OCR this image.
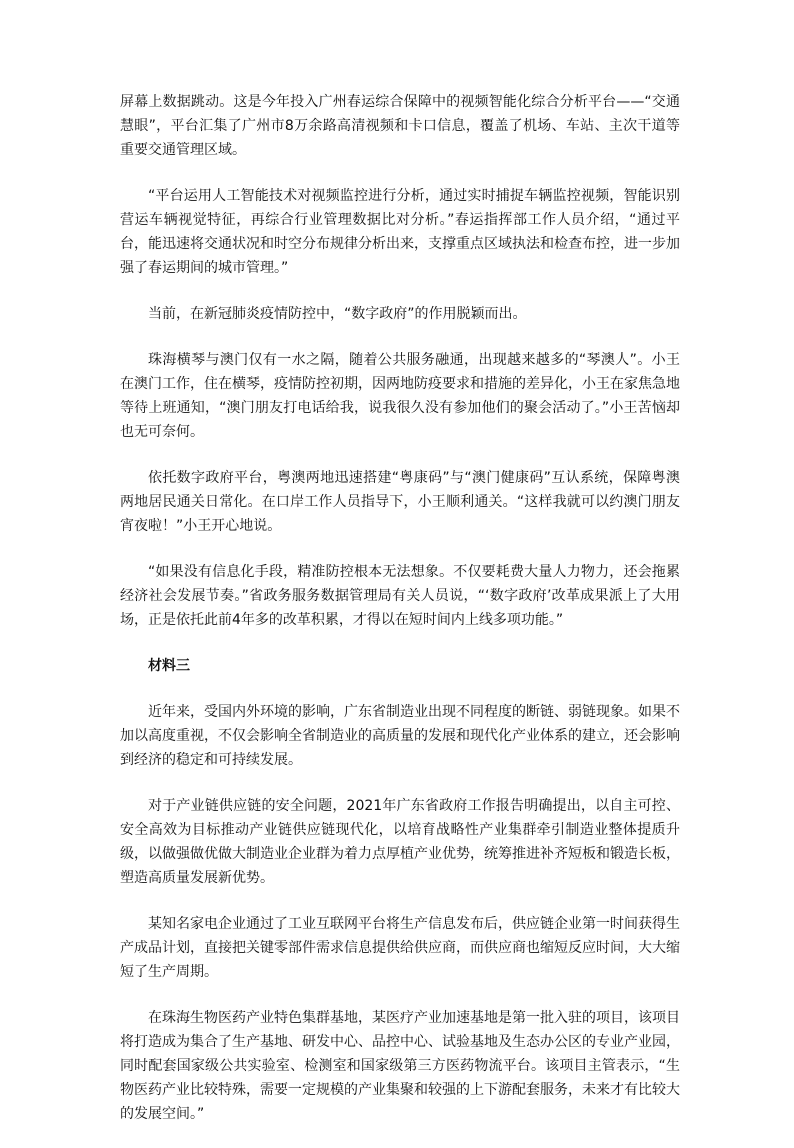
屏幕上数据跳动。这是今年投入广州春运综合保障中的视频智能化综合分析平台——“交通慧眼”，平台汇集了广州市8万余路高清视频和卡口信息，覆盖了机场、车站、主次干道等重要交通管理区域。

“平台运用人工智能技术对视频监控进行分析，通过实时捕捉车辆监控视频，智能识别营运车辆视觉特征，再综合行业管理数据比对分析。”春运指挥部工作人员介绍，“通过平台，能迅速将交通状况和时空分布规律分析出来，支撑重点区域执法和检查布控，进一步加强了春运期间的城市管理。”

当前，在新冠肺炎疫情防控中，“数字政府”的作用脱颖而出。

珠海横琴与澳门仅有一水之隔，随着公共服务融通，出现越来越多的“琴澳人”。小王在澳门工作，住在横琴，疫情防控初期，因两地防疫要求和措施的差异化，小王在家焦急地等待上班通知，“澳门朋友打电话给我，说我很久没有参加他们的聚会活动了。”小王苦恼却也无可奈何。

依托数字政府平台，粤澳两地迅速搭建“粤康码”与“澳门健康码”互认系统，保障粤澳两地居民通关日常化。在口岸工作人员指导下，小王顺利通关。“这样我就可以约澳门朋友宵夜啦！”小王开心地说。

“如果没有信息化手段，精准防控根本无法想象。不仅要耗费大量人力物力，还会拖累经济社会发展节奏。”省政务服务数据管理局有关人员说，“‘数字政府’改革成果派上了大用场，正是依托此前4年多的改革积累，才得以在短时间内上线多项功能。”

材料三

近年来，受国内外环境的影响，广东省制造业出现不同程度的断链、弱链现象。如果不加以高度重视，不仅会影响全省制造业的高质量的发展和现代化产业体系的建立，还会影响到经济的稳定和可持续发展。

对于产业链供应链的安全问题，2021年广东省政府工作报告明确提出，以自主可控、安全高效为目标推动产业链供应链现代化，以培育战略性产业集群牵引制造业整体提质升级，以做强做优做大制造业企业群为着力点厚植产业优势，统筹推进补齐短板和锻造长板，塑造高质量发展新优势。

某知名家电企业通过了工业互联网平台将生产信息发布后，供应链企业第一时间获得生产成品计划，直接把关键零部件需求信息提供给供应商，而供应商也缩短反应时间，大大缩短了生产周期。

在珠海生物医药产业特色集群基地，某医疗产业加速基地是第一批入驻的项目，该项目将打造成为集合了生产基地、研发中心、品控中心、试验基地及生态办公区的专业产业园，同时配套国家级公共实验室、检测室和国家级第三方医药物流平台。该项目主管表示，“生物医药产业比较特殊，需要一定规模的产业集聚和较强的上下游配套服务，未来才有比较大的发展空间。”
